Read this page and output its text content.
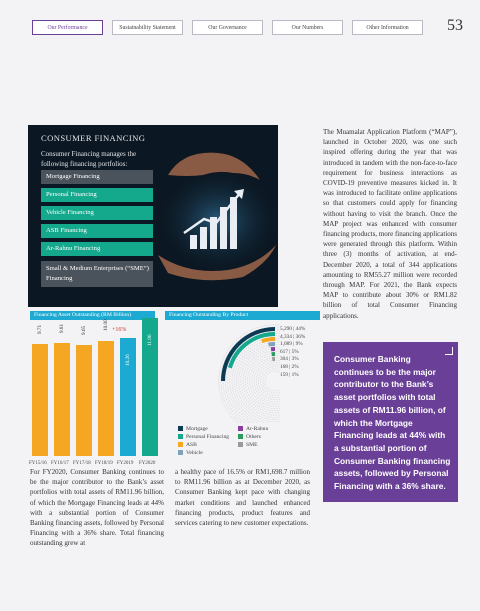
Our Performance	Sustainability Statement	Our Governance	Our Numbers	Other Information	53
CONSUMER FINANCING
Consumer Financing manages the following financing portfolios:
Mortgage Financing
Personal Financing
Vehicle Financing
ASB Financing
Ar-Rahnu Financing
Small & Medium Enterprises (“SME”) Financing
The Muamalat Application Platform (“MAP”), launched in October 2020, was one such inspired offering during the year that was introduced in tandem with the non-face-to-face requirement for business interactions as COVID-19 preventive measures kicked in. It was introduced to facilitate online applications so that customers could apply for financing without having to visit the branch. Once the MAP project was enhanced with consumer financing products, more financing applications were generated through this platform. Within three (3) months of activation, at end-December 2020, a total of 344 applications amounting to RM55.27 million were recorded through MAP. For 2021, the Bank expects MAP to contribute about 30% or RM1.82 billion of total Consumer Financing applications.
Financing Asset Outstanding (RM Billion)	Financing Outstanding By Product
+16%
9.71
FY15/16
9.81
FY16/17
9.65
FY17/18
10.00
FY18/19
10.26
FY2019
11.96
FY2020
5,290 | 44%
4,334 | 36%
1,089 | 9%
617 | 5%
304 | 3%
168 | 2%
159 | 1%
Mortgage
Personal Financing
ASB
Vehicle
Ar-Rahnu
Others
SME
For FY2020, Consumer Banking continues to be the major contributor to the Bank’s asset portfolios with total assets of RM11.96 billion, of which the Mortgage Financing leads at 44% with a substantial portion of Consumer Banking financing assets, followed by Personal Financing with a 36% share. Total financing outstanding grew at
a healthy pace of 16.5% or RM1,698.7 million to RM11.96 billion as at December 2020, as Consumer Banking kept pace with changing market conditions and launched enhanced financing products, product features and services catering to new customer expectations.
Consumer Banking continues to be the major contributor to the Bank’s asset portfolios with total assets of RM11.96 billion, of which the Mortgage Financing leads at 44% with a substantial portion of Consumer Banking financing assets, followed by Personal Financing with a 36% share.
